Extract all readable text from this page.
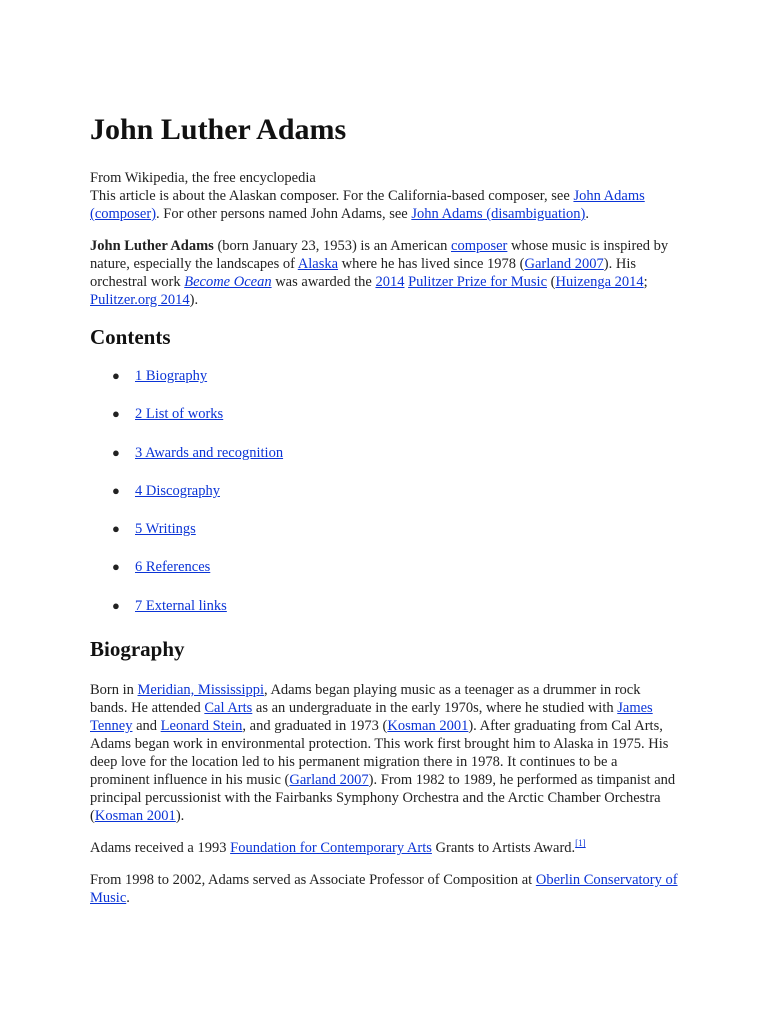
John Luther Adams
From Wikipedia, the free encyclopedia
This article is about the Alaskan composer. For the California-based composer, see John Adams (composer). For other persons named John Adams, see John Adams (disambiguation).

John Luther Adams (born January 23, 1953) is an American composer whose music is inspired by nature, especially the landscapes of Alaska where he has lived since 1978 (Garland 2007). His orchestral work Become Ocean was awarded the 2014 Pulitzer Prize for Music (Huizenga 2014; Pulitzer.org 2014).

Contents
● 1 Biography
● 2 List of works
● 3 Awards and recognition
● 4 Discography
● 5 Writings
● 6 References
● 7 External links
Biography

Born in Meridian, Mississippi, Adams began playing music as a teenager as a drummer in rock bands. He attended Cal Arts as an undergraduate in the early 1970s, where he studied with James Tenney and Leonard Stein, and graduated in 1973 (Kosman 2001). After graduating from Cal Arts, Adams began work in environmental protection. This work first brought him to Alaska in 1975. His deep love for the location led to his permanent migration there in 1978. It continues to be a prominent influence in his music (Garland 2007). From 1982 to 1989, he performed as timpanist and principal percussionist with the Fairbanks Symphony Orchestra and the Arctic Chamber Orchestra (Kosman 2001).

Adams received a 1993 Foundation for Contemporary Arts Grants to Artists Award.[1]

From 1998 to 2002, Adams served as Associate Professor of Composition at Oberlin Conservatory of Music.
